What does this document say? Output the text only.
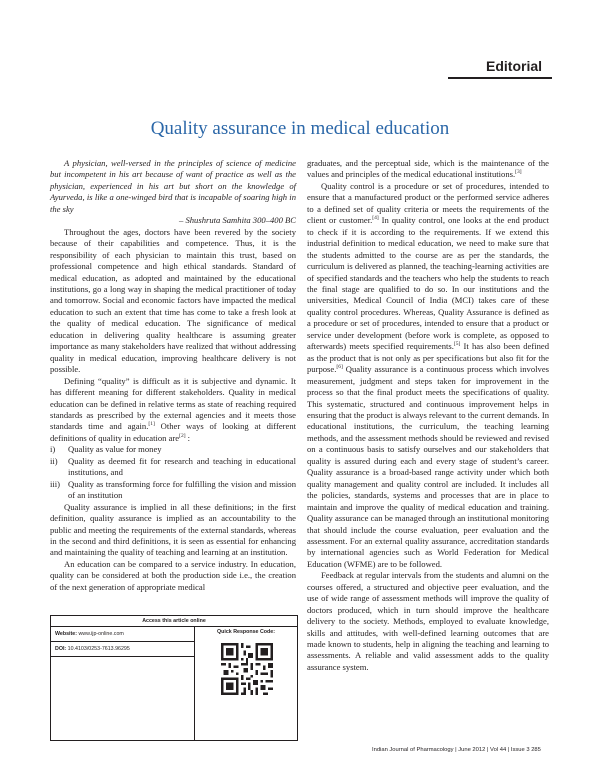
Editorial
Quality assurance in medical education

A physician, well-versed in the principles of science of medicine but incompetent in his art because of want of practice as well as the physician, experienced in his art but short on the knowledge of Ayurveda, is like a one-winged bird that is incapable of soaring high in the sky

– Shushruta Samhita 300–400 BC

Throughout the ages, doctors have been revered by the society because of their capabilities and competence. Thus, it is the responsibility of each physician to maintain this trust, based on professional competence and high ethical standards. Standard of medical education, as adopted and maintained by the educational institutions, go a long way in shaping the medical practitioner of today and tomorrow. Social and economic factors have impacted the medical education to such an extent that time has come to take a fresh look at the quality of medical education. The significance of medical education in delivering quality healthcare is assuming greater importance as many stakeholders have realized that without addressing quality in medical education, improving healthcare delivery is not possible.

Defining “quality” is difficult as it is subjective and dynamic. It has different meaning for different stakeholders. Quality in medical education can be defined in relative terms as state of reaching required standards as prescribed by the external agencies and it meets those standards time and again.[1] Other ways of looking at different definitions of quality in education are[2] :

i) Quality as value for money
ii) Quality as deemed fit for research and teaching in educational institutions, and
iii) Quality as transforming force for fulfilling the vision and mission of an institution

Quality assurance is implied in all these definitions; in the first definition, quality assurance is implied as an accountability to the public and meeting the requirements of the external standards, whereas in the second and third definitions, it is seen as essential for enhancing and maintaining the quality of teaching and learning at an institution.

An education can be compared to a service industry. In education, quality can be considered at both the production side i.e., the creation of the next generation of appropriate medical

Access this article online
Website: www.ijp-online.com
DOI: 10.4103/0253-7613.96295
Quick Response Code:

graduates, and the perceptual side, which is the maintenance of the values and principles of the medical educational institutions.[3]

Quality control is a procedure or set of procedures, intended to ensure that a manufactured product or the performed service adheres to a defined set of quality criteria or meets the requirements of the client or customer.[4] In quality control, one looks at the end product to check if it is according to the requirements. If we extend this industrial definition to medical education, we need to make sure that the students admitted to the course are as per the standards, the curriculum is delivered as planned, the teaching-learning activities are of specified standards and the teachers who help the students to reach the final stage are qualified to do so. In our institutions and the universities, Medical Council of India (MCI) takes care of these quality control procedures. Whereas, Quality Assurance is defined as a procedure or set of procedures, intended to ensure that a product or service under development (before work is complete, as opposed to afterwards) meets specified requirements.[5] It has also been defined as the product that is not only as per specifications but also fit for the purpose.[6] Quality assurance is a continuous process which involves measurement, judgment and steps taken for improvement in the process so that the final product meets the specifications of quality. This systematic, structured and continuous improvement helps in ensuring that the product is always relevant to the current demands. In educational institutions, the curriculum, the teaching learning methods, and the assessment methods should be reviewed and revised on a continuous basis to satisfy ourselves and our stakeholders that quality is assured during each and every stage of student’s career. Quality assurance is a broad-based range activity under which both quality management and quality control are included. It includes all the policies, standards, systems and processes that are in place to maintain and improve the quality of medical education and training. Quality assurance can be managed through an institutional monitoring that should include the course evaluation, peer evaluation and the assessment. For an external quality assurance, accreditation standards by international agencies such as World Federation for Medical Education (WFME) are to be followed.

Feedback at regular intervals from the students and alumni on the courses offered, a structured and objective peer evaluation, and the use of wide range of assessment methods will improve the quality of doctors produced, which in turn should improve the healthcare delivery to the society. Methods, employed to evaluate knowledge, skills and attitudes, with well-defined learning outcomes that are made known to students, help in aligning the teaching and learning to assessments. A reliable and valid assessment adds to the quality assurance system.

Indian Journal of Pharmacology | June 2012 | Vol 44 | Issue 3 285
